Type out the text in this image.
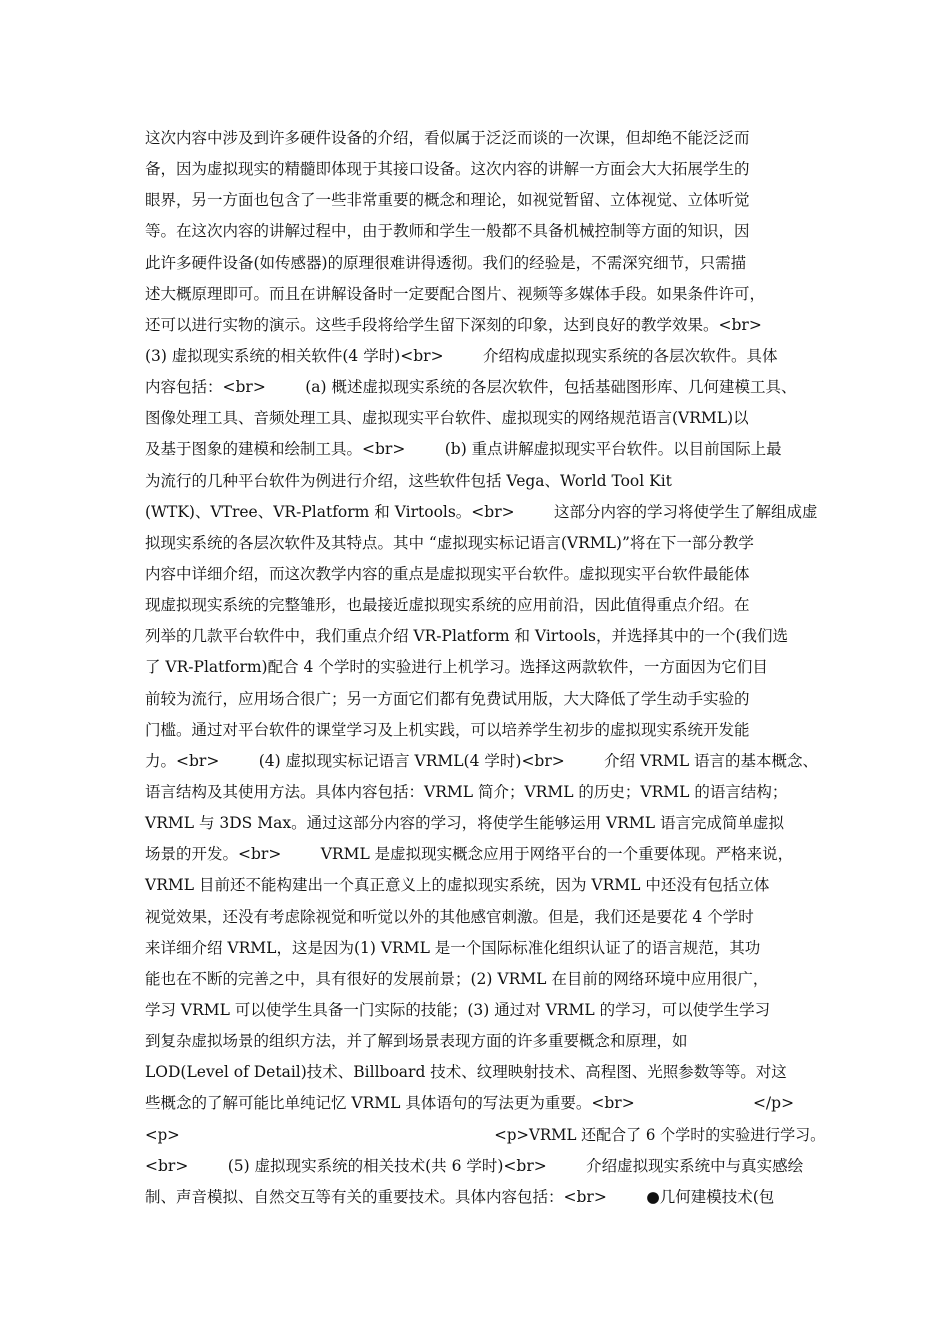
这次内容中涉及到许多硬件设备的介绍，看似属于泛泛而谈的一次课，但却绝不能泛泛而
备，因为虚拟现实的精髓即体现于其接口设备。这次内容的讲解一方面会大大拓展学生的
眼界，另一方面也包含了一些非常重要的概念和理论，如视觉暂留、立体视觉、立体听觉
等。在这次内容的讲解过程中，由于教师和学生一般都不具备机械控制等方面的知识，因
此许多硬件设备(如传感器)的原理很难讲得透彻。我们的经验是，不需深究细节，只需描
述大概原理即可。而且在讲解设备时一定要配合图片、视频等多媒体手段。如果条件许可，
还可以进行实物的演示。这些手段将给学生留下深刻的印象，达到良好的教学效果。<br>
(3) 虚拟现实系统的相关软件(4 学时)<br>        介绍构成虚拟现实系统的各层次软件。具体
内容包括：<br>        (a) 概述虚拟现实系统的各层次软件，包括基础图形库、几何建模工具、
图像处理工具、音频处理工具、虚拟现实平台软件、虚拟现实的网络规范语言(VRML)以
及基于图象的建模和绘制工具。<br>        (b) 重点讲解虚拟现实平台软件。以目前国际上最
为流行的几种平台软件为例进行介绍，这些软件包括 Vega、World Tool Kit
(WTK)、VTree、VR-Platform 和 Virtools。<br>        这部分内容的学习将使学生了解组成虚
拟现实系统的各层次软件及其特点。其中 “虚拟现实标记语言(VRML)”将在下一部分教学
内容中详细介绍，而这次教学内容的重点是虚拟现实平台软件。虚拟现实平台软件最能体
现虚拟现实系统的完整雏形，也最接近虚拟现实系统的应用前沿，因此值得重点介绍。在
列举的几款平台软件中，我们重点介绍 VR-Platform 和 Virtools，并选择其中的一个(我们选
了 VR-Platform)配合 4 个学时的实验进行上机学习。选择这两款软件，一方面因为它们目
前较为流行，应用场合很广；另一方面它们都有免费试用版，大大降低了学生动手实验的
门槛。通过对平台软件的课堂学习及上机实践，可以培养学生初步的虚拟现实系统开发能
力。<br>        (4) 虚拟现实标记语言 VRML(4 学时)<br>        介绍 VRML 语言的基本概念、
语言结构及其使用方法。具体内容包括：VRML 简介；VRML 的历史；VRML 的语言结构；
VRML 与 3DS Max。通过这部分内容的学习，将使学生能够运用 VRML 语言完成简单虚拟
场景的开发。<br>        VRML 是虚拟现实概念应用于网络平台的一个重要体现。严格来说，
VRML 目前还不能构建出一个真正意义上的虚拟现实系统，因为 VRML 中还没有包括立体
视觉效果，还没有考虑除视觉和听觉以外的其他感官刺激。但是，我们还是要花 4 个学时
来详细介绍 VRML，这是因为(1) VRML 是一个国际标准化组织认证了的语言规范，其功
能也在不断的完善之中，具有很好的发展前景；(2) VRML 在目前的网络环境中应用很广，
学习 VRML 可以使学生具备一门实际的技能；(3) 通过对 VRML 的学习，可以使学生学习
到复杂虚拟场景的组织方法，并了解到场景表现方面的许多重要概念和原理，如
LOD(Level of Detail)技术、Billboard 技术、纹理映射技术、高程图、光照参数等等。对这
些概念的了解可能比单纯记忆 VRML 具体语句的写法更为重要。<br>                        </p>
<p>                                                                  <p>VRML 还配合了 6 个学时的实验进行学习。
<br>        (5) 虚拟现实系统的相关技术(共 6 学时)<br>        介绍虚拟现实系统中与真实感绘
制、声音模拟、自然交互等有关的重要技术。具体内容包括：<br>        ●几何建模技术(包
